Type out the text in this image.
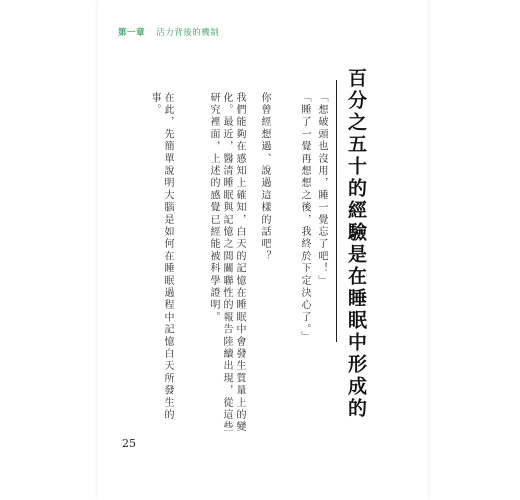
第一章 活力背後的機制
百分之五十的經驗是在睡眠中形成的
「想破頭也沒用，睡一覺忘了吧！」
「睡了一覺再想想之後，我終於下定決心了。」
你曾經想過、說過這樣的話吧？
我們能夠在感知上確知，白天的記憶在睡眠中會發生質量上的變化。最近，醫清睡眠與記憶之間關聯性的報告陸續出現，從這些研究裡面，上述的感覺已經能被科學證明。
在此，先簡單說明大腦是如何在睡眠過程中記憶白天所發生的事。
25
